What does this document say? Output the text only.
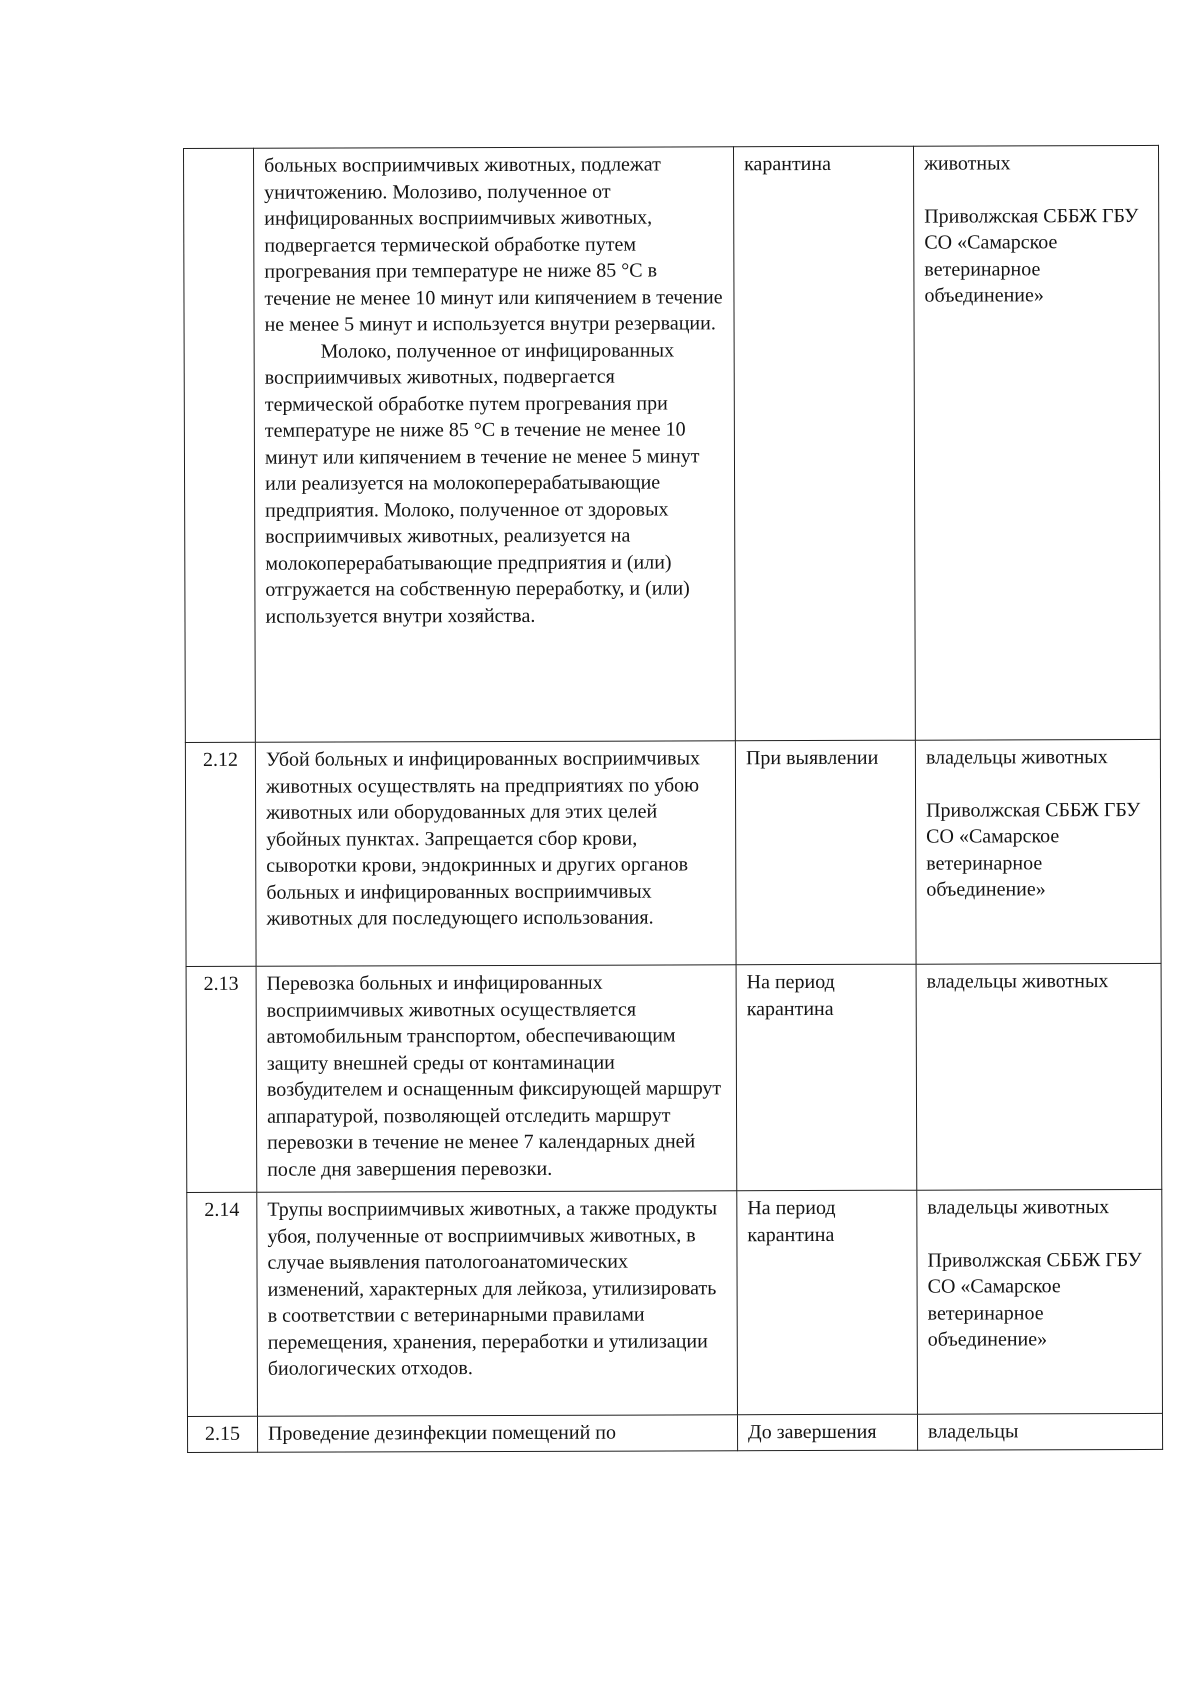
	больных восприимчивых животных, подлежат уничтожению. Молозиво, полученное от инфицированных восприимчивых животных, подвергается термической обработке путем прогревания при температуре не ниже 85 °С в течение не менее 10 минут или кипячением в течение не менее 5 минут и используется внутри резервации.
Молоко, полученное от инфицированных восприимчивых животных, подвергается термической обработке путем прогревания при температуре не ниже 85 °С в течение не менее 10 минут или кипячением в течение не менее 5 минут или реализуется на молокоперерабатывающие предприятия. Молоко, полученное от здоровых восприимчивых животных, реализуется на молокоперерабатывающие предприятия и (или) отгружается на собственную переработку, и (или) используется внутри хозяйства.	карантина	животных
Приволжская СББЖ ГБУ СО «Самарское ветеринарное объединение»

2.12	Убой больных и инфицированных восприимчивых животных осуществлять на предприятиях по убою животных или оборудованных для этих целей убойных пунктах. Запрещается сбор крови, сыворотки крови, эндокринных и других органов больных и инфицированных восприимчивых животных для последующего использования.	При выявлении	владельцы животных
Приволжская СББЖ ГБУ СО «Самарское ветеринарное объединение»

2.13	Перевозка больных и инфицированных восприимчивых животных осуществляется автомобильным транспортом, обеспечивающим защиту внешней среды от контаминации возбудителем и оснащенным фиксирующей маршрут аппаратурой, позволяющей отследить маршрут перевозки в течение не менее 7 календарных дней после дня завершения перевозки.	На период карантина	владельцы животных

2.14	Трупы восприимчивых животных, а также продукты убоя, полученные от восприимчивых животных, в случае выявления патологоанатомических изменений, характерных для лейкоза, утилизировать в соответствии с ветеринарными правилами перемещения, хранения, переработки и утилизации биологических отходов.	На период карантина	владельцы животных
Приволжская СББЖ ГБУ СО «Самарское ветеринарное объединение»

2.15	Проведение дезинфекции помещений по	До завершения	владельцы
